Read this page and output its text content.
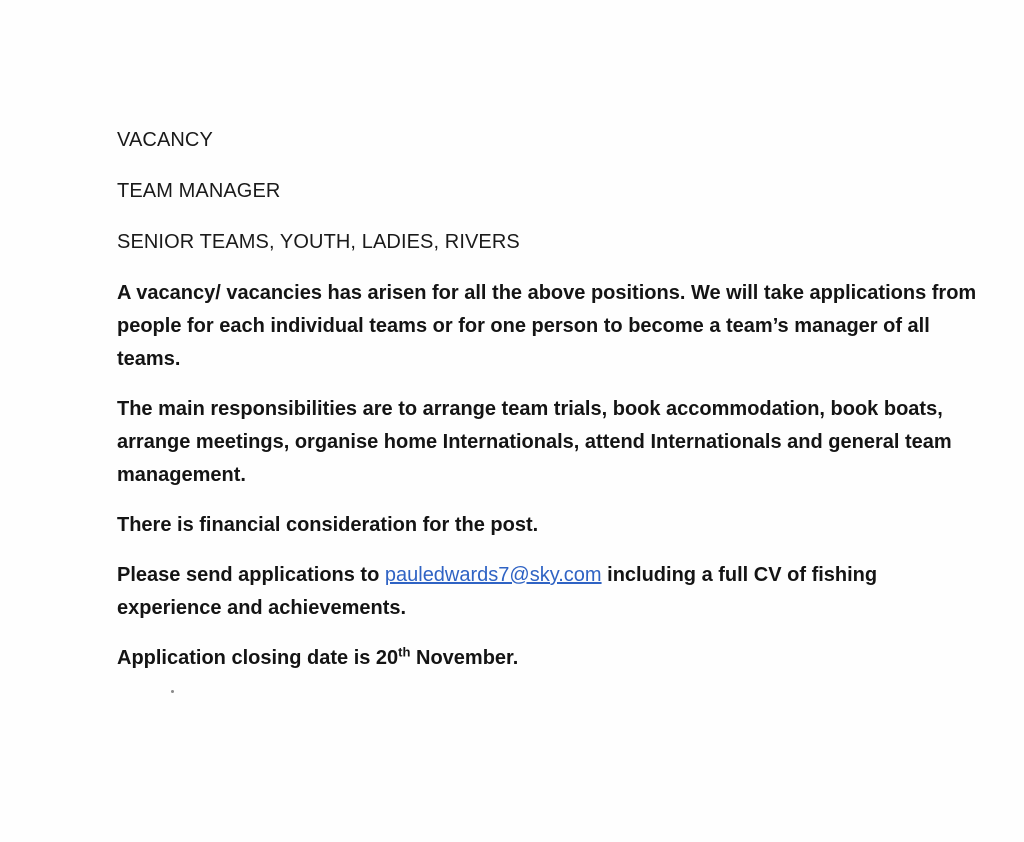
VACANCY
TEAM MANAGER
SENIOR TEAMS, YOUTH, LADIES, RIVERS

A vacancy/ vacancies has arisen for all the above positions. We will take applications from people for each individual teams or for one person to become a team’s manager of all teams.

The main responsibilities are to arrange team trials, book accommodation, book boats, arrange meetings, organise home Internationals, attend Internationals and general team management.

There is financial consideration for the post.

Please send applications to pauledwards7@sky.com including a full CV of fishing experience and achievements.

Application closing date is 20th November.
